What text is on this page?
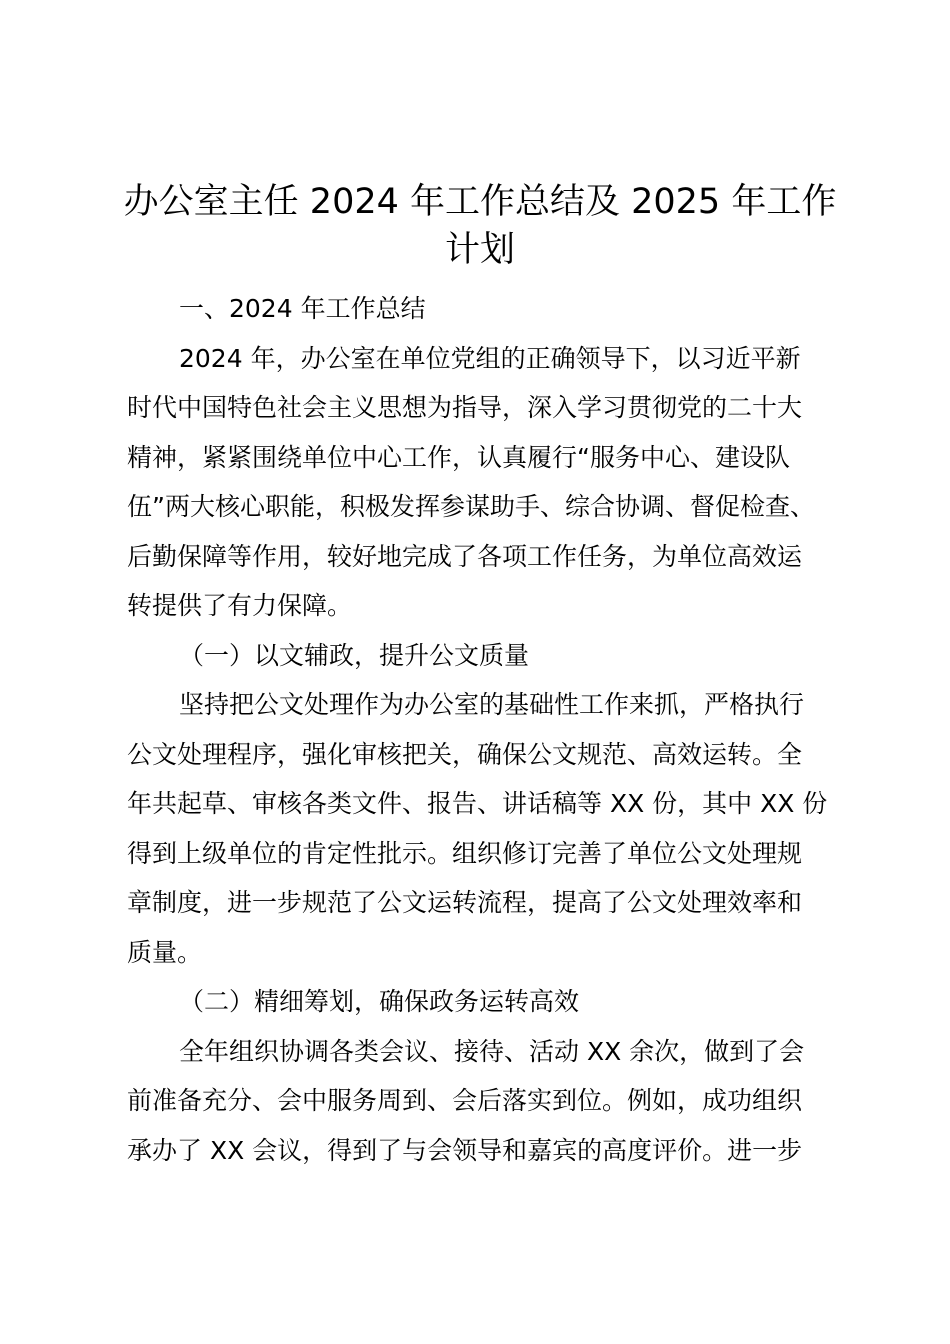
办公室主任 2024 年工作总结及 2025 年工作
计划
一、2024 年工作总结
2024 年，办公室在单位党组的正确领导下，以习近平新
时代中国特色社会主义思想为指导，深入学习贯彻党的二十大
精神，紧紧围绕单位中心工作，认真履行“服务中心、建设队
伍”两大核心职能，积极发挥参谋助手、综合协调、督促检查、
后勤保障等作用，较好地完成了各项工作任务，为单位高效运
转提供了有力保障。
（一）以文辅政，提升公文质量
坚持把公文处理作为办公室的基础性工作来抓，严格执行
公文处理程序，强化审核把关，确保公文规范、高效运转。全
年共起草、审核各类文件、报告、讲话稿等 XX 份，其中 XX 份
得到上级单位的肯定性批示。组织修订完善了单位公文处理规
章制度，进一步规范了公文运转流程，提高了公文处理效率和
质量。
（二）精细筹划，确保政务运转高效
全年组织协调各类会议、接待、活动 XX 余次，做到了会
前准备充分、会中服务周到、会后落实到位。例如，成功组织
承办了 XX 会议，得到了与会领导和嘉宾的高度评价。进一步
